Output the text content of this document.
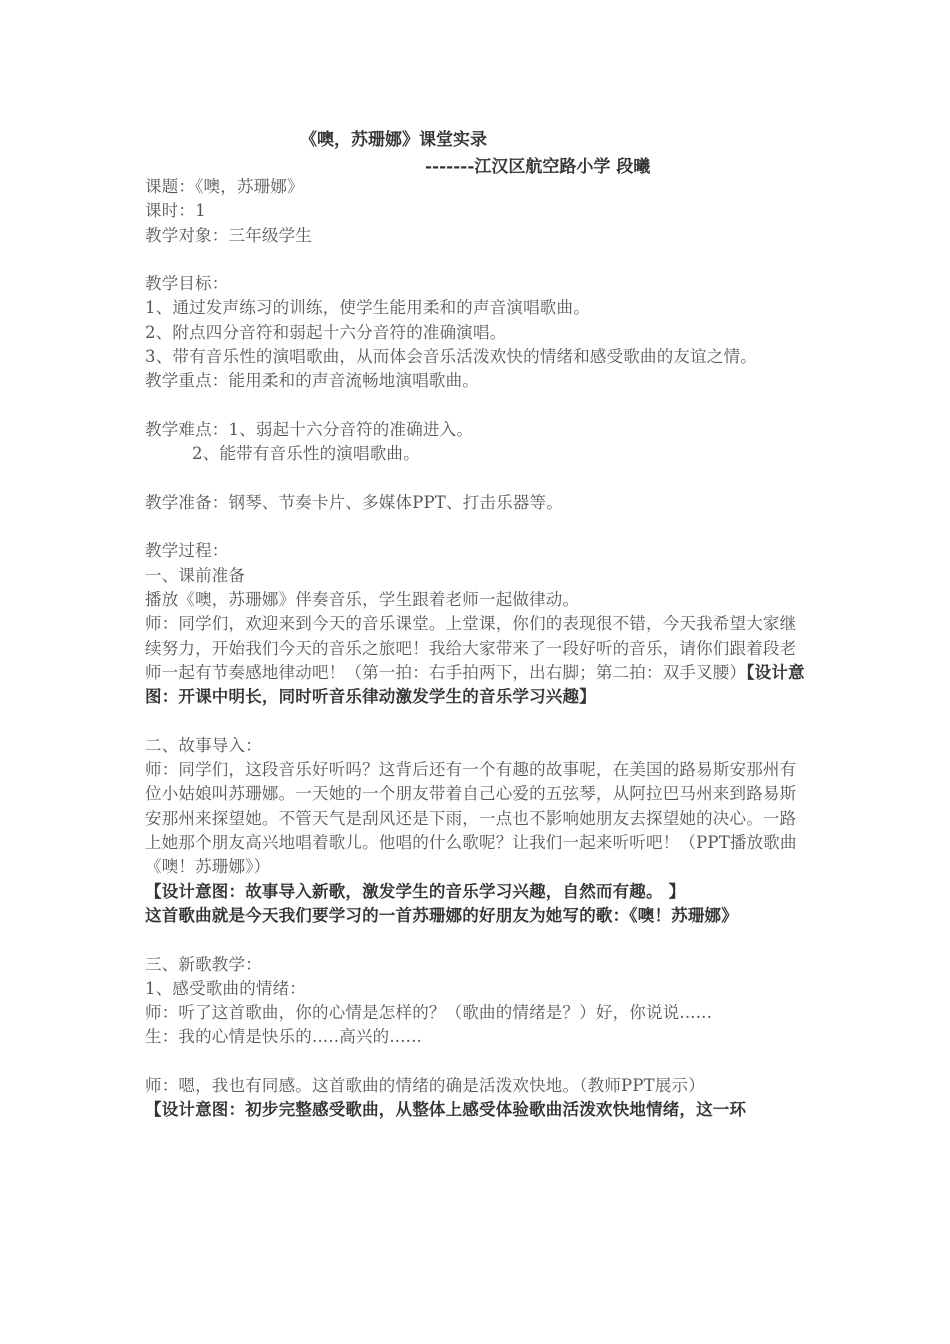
《噢，苏珊娜》课堂实录
-------江汉区航空路小学 段曦

课题：《噢，苏珊娜》

课时：1

教学对象：三年级学生

教学目标：

1、通过发声练习的训练，使学生能用柔和的声音演唱歌曲。

2、附点四分音符和弱起十六分音符的准确演唱。

3、带有音乐性的演唱歌曲，从而体会音乐活泼欢快的情绪和感受歌曲的友谊之情。

教学重点：能用柔和的声音流畅地演唱歌曲。

教学难点：1、弱起十六分音符的准确进入。

2、能带有音乐性的演唱歌曲。

教学准备：钢琴、节奏卡片、多媒体PPT、打击乐器等。

教学过程：

一、课前准备

播放《噢，苏珊娜》伴奏音乐，学生跟着老师一起做律动。

师：同学们，欢迎来到今天的音乐课堂。上堂课，你们的表现很不错，今天我希望大家继续努力，开始我们今天的音乐之旅吧！我给大家带来了一段好听的音乐，请你们跟着段老师一起有节奏感地律动吧！（第一拍：右手拍两下，出右脚；第二拍：双手叉腰）【设计意图：开课中明长，同时听音乐律动激发学生的音乐学习兴趣】

二、故事导入：

师：同学们，这段音乐好听吗？这背后还有一个有趣的故事呢，在美国的路易斯安那州有位小姑娘叫苏珊娜。一天她的一个朋友带着自己心爱的五弦琴，从阿拉巴马州来到路易斯安那州来探望她。不管天气是刮风还是下雨，一点也不影响她朋友去探望她的决心。一路上她那个朋友高兴地唱着歌儿。他唱的什么歌呢？让我们一起来听听吧！（PPT播放歌曲《噢！苏珊娜》）

【设计意图：故事导入新歌，激发学生的音乐学习兴趣，自然而有趣。 】

这首歌曲就是今天我们要学习的一首苏珊娜的好朋友为她写的歌：《噢！苏珊娜》

三、新歌教学：

1、感受歌曲的情绪：

师：听了这首歌曲，你的心情是怎样的？（歌曲的情绪是？）好，你说说......

生：我的心情是快乐的.....高兴的......

师：嗯，我也有同感。这首歌曲的情绪的确是活泼欢快地。（教师PPT展示）

【设计意图：初步完整感受歌曲，从整体上感受体验歌曲活泼欢快地情绪，这一环
